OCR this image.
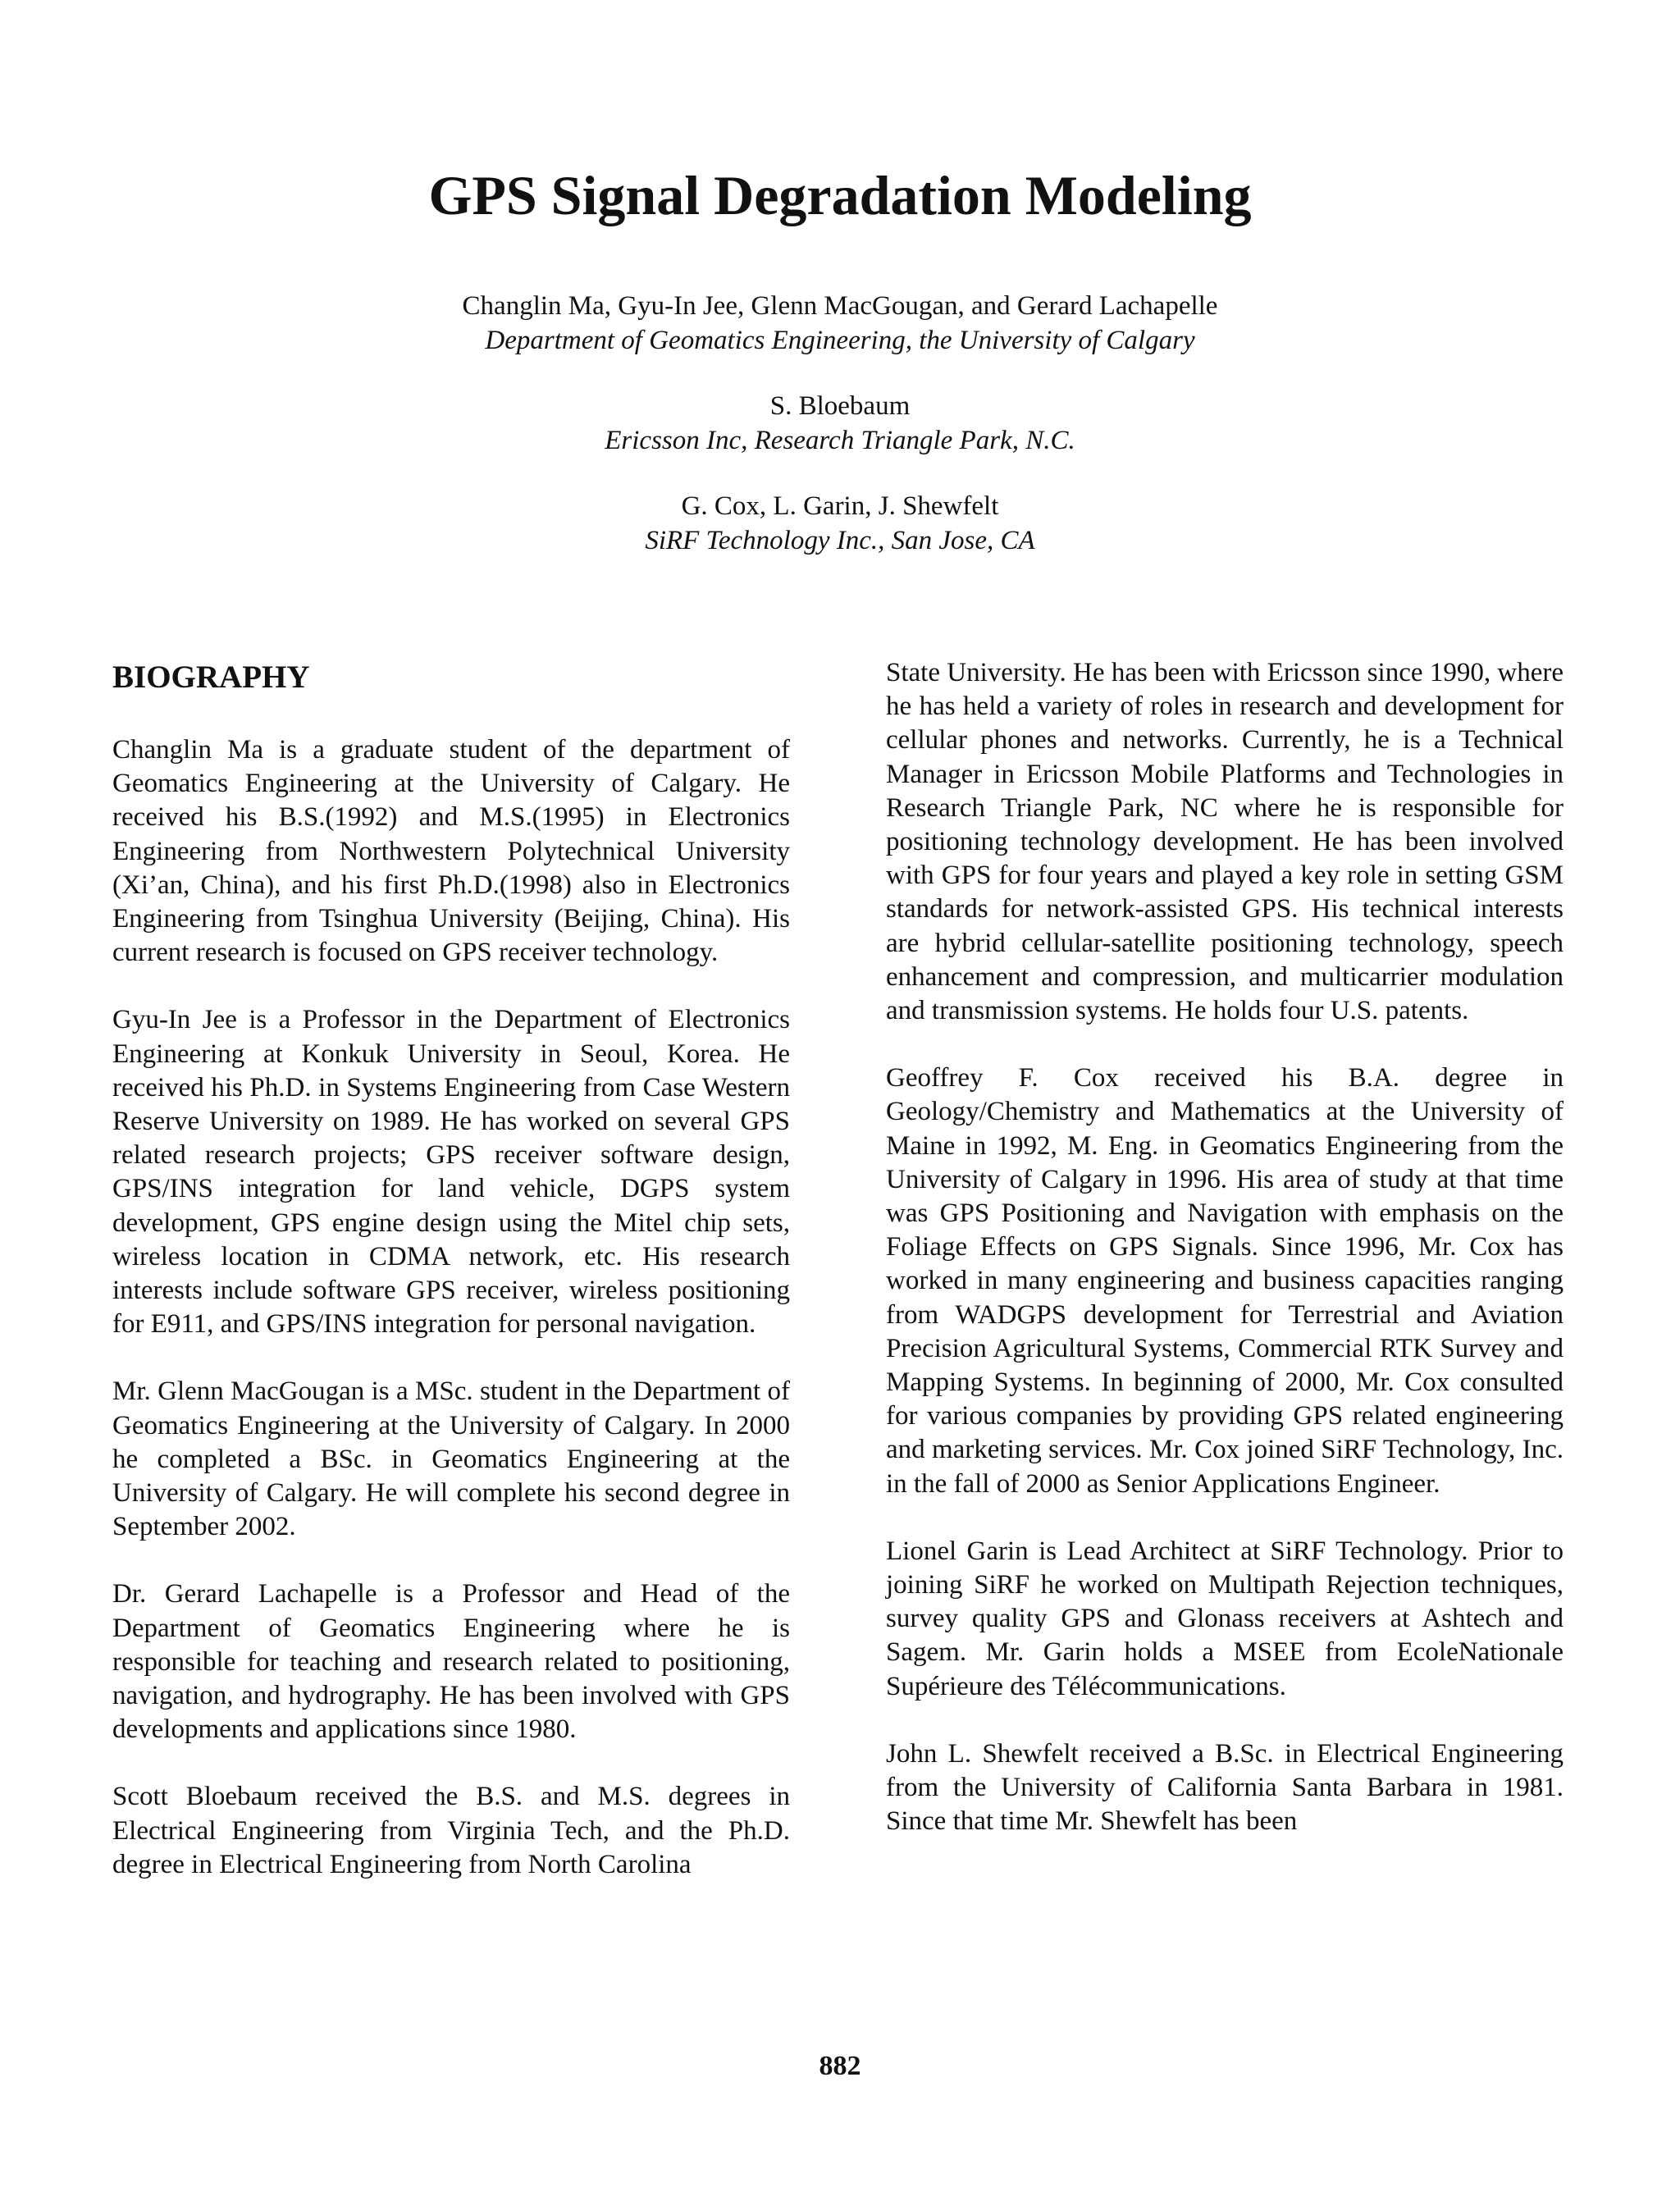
GPS Signal Degradation Modeling
Changlin Ma, Gyu-In Jee, Glenn MacGougan, and Gerard Lachapelle
Department of Geomatics Engineering, the University of Calgary
S. Bloebaum
Ericsson Inc, Research Triangle Park, N.C.
G. Cox, L. Garin, J. Shewfelt
SiRF Technology Inc., San Jose, CA
BIOGRAPHY

Changlin Ma is a graduate student of the department of Geomatics Engineering at the University of Calgary. He received his B.S.(1992) and M.S.(1995) in Electronics Engineering from Northwestern Polytechnical University (Xi’an, China), and his first Ph.D.(1998) also in Electronics Engineering from Tsinghua University (Beijing, China). His current research is focused on GPS receiver technology.

Gyu-In Jee is a Professor in the Department of Electronics Engineering at Konkuk University in Seoul, Korea. He received his Ph.D. in Systems Engineering from Case Western Reserve University on 1989. He has worked on several GPS related research projects; GPS receiver software design, GPS/INS integration for land vehicle, DGPS system development, GPS engine design using the Mitel chip sets, wireless location in CDMA network, etc. His research interests include software GPS receiver, wireless positioning for E911, and GPS/INS integration for personal navigation.

Mr. Glenn MacGougan is a MSc. student in the Department of Geomatics Engineering at the University of Calgary. In 2000 he completed a BSc. in Geomatics Engineering at the University of Calgary. He will complete his second degree in September 2002.

Dr. Gerard Lachapelle is a Professor and Head of the Department of Geomatics Engineering where he is responsible for teaching and research related to positioning, navigation, and hydrography. He has been involved with GPS developments and applications since 1980.

Scott Bloebaum received the B.S. and M.S. degrees in Electrical Engineering from Virginia Tech, and the Ph.D. degree in Electrical Engineering from North Carolina

State University. He has been with Ericsson since 1990, where he has held a variety of roles in research and development for cellular phones and networks. Currently, he is a Technical Manager in Ericsson Mobile Platforms and Technologies in Research Triangle Park, NC where he is responsible for positioning technology development. He has been involved with GPS for four years and played a key role in setting GSM standards for network-assisted GPS. His technical interests are hybrid cellular-satellite positioning technology, speech enhancement and compression, and multicarrier modulation and transmission systems. He holds four U.S. patents.

Geoffrey F. Cox received his B.A. degree in Geology/Chemistry and Mathematics at the University of Maine in 1992, M. Eng. in Geomatics Engineering from the University of Calgary in 1996. His area of study at that time was GPS Positioning and Navigation with emphasis on the Foliage Effects on GPS Signals. Since 1996, Mr. Cox has worked in many engineering and business capacities ranging from WADGPS development for Terrestrial and Aviation Precision Agricultural Systems, Commercial RTK Survey and Mapping Systems. In beginning of 2000, Mr. Cox consulted for various companies by providing GPS related engineering and marketing services. Mr. Cox joined SiRF Technology, Inc. in the fall of 2000 as Senior Applications Engineer.

Lionel Garin is Lead Architect at SiRF Technology. Prior to joining SiRF he worked on Multipath Rejection techniques, survey quality GPS and Glonass receivers at Ashtech and Sagem. Mr. Garin holds a MSEE from EcoleNationale Supérieure des Télécommunications.

John L. Shewfelt received a B.Sc. in Electrical Engineering from the University of California Santa Barbara in 1981. Since that time Mr. Shewfelt has been

882
